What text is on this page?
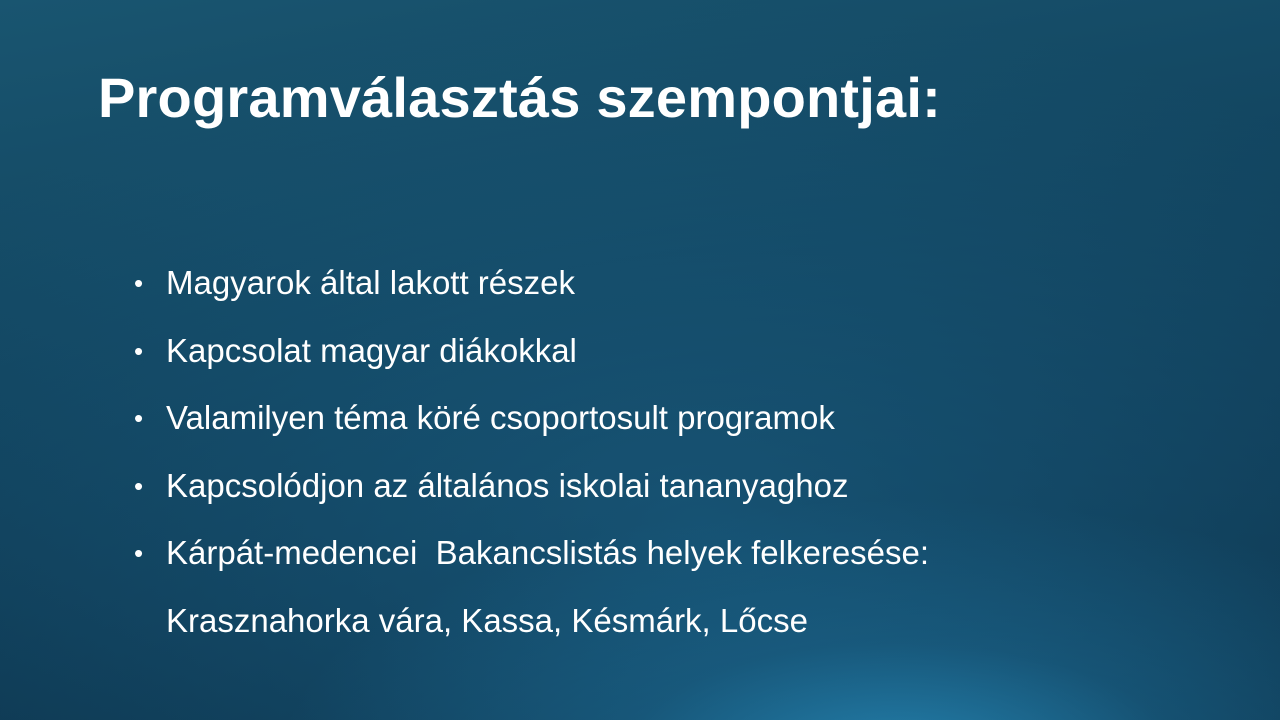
Programválasztás szempontjai:
• Magyarok által lakott részek
• Kapcsolat magyar diákokkal
• Valamilyen téma köré csoportosult programok
• Kapcsolódjon az általános iskolai tananyaghoz
• Kárpát-medencei  Bakancslistás helyek felkeresése:
Krasznahorka vára, Kassa, Késmárk, Lőcse
